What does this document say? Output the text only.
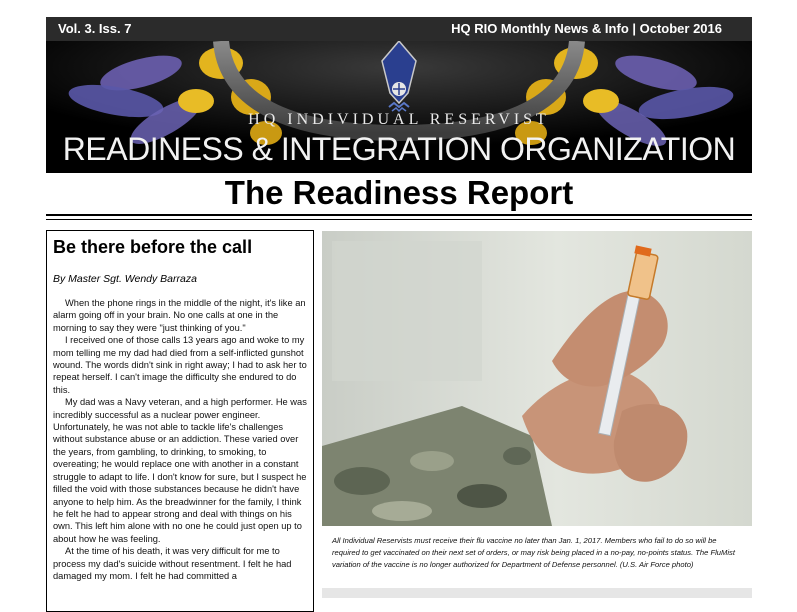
Vol. 3. Iss. 7	HQ RIO Monthly News & Info | October 2016
HQ INDIVIDUAL RESERVIST
READINESS & INTEGRATION ORGANIZATION
The Readiness Report
Be there before the call
By Master Sgt. Wendy Barraza

When the phone rings in the middle of the night, it's like an alarm going off in your brain. No one calls at one in the morning to say they were "just thinking of you."

I received one of those calls 13 years ago and woke to my mom telling me my dad had died from a self-inflicted gunshot wound. The words didn't sink in right away; I had to ask her to repeat herself. I can't image the difficulty she endured to do this.

My dad was a Navy veteran, and a high performer. He was incredibly successful as a nuclear power engineer. Unfortunately, he was not able to tackle life's challenges without substance abuse or an addiction. These varied over the years, from gambling, to drinking, to smoking, to overeating; he would replace one with another in a constant struggle to adapt to life. I don't know for sure, but I suspect he filled the void with those substances because he didn't have anyone to help him. As the breadwinner for the family, I think he felt he had to appear strong and deal with things on his own. This left him alone with no one he could just open up to about how he was feeling.

At the time of his death, it was very difficult for me to process my dad's suicide without resentment. I felt he had damaged my mom. I felt he had committed a

All Individual Reservists must receive their flu vaccine no later than Jan. 1, 2017. Members who fail to do so will be required to get vaccinated on their next set of orders, or may risk being placed in a no-pay, no-points status. The FluMist variation of the vaccine is no longer authorized for Department of Defense personnel. (U.S. Air Force photo)
